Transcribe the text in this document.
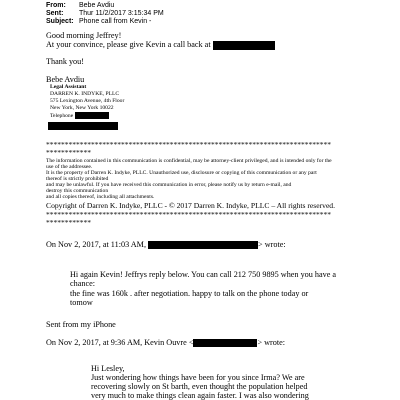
From: Bebe Avdiu
Sent: Thur 11/2/2017 3:15:34 PM
Subject: Phone call from Kevin -
Good morning Jeffrey!
At your convince, please give Kevin a call back at
Thank you!
Bebe Avdiu
Legal Assistant
DARREN K. INDYKE, PLLC
575 Lexington Avenue, 4th Floor
New York, New York 10022
Telephone
****************************************************************************
************
The information contained in this communication is confidential, may be attorney-client privileged, and is intended only for the
use of the addressee.
It is the property of Darren K. Indyke, PLLC. Unauthorized use, disclosure or copying of this communication or any part
thereof is strictly prohibited
and may be unlawful. If you have received this communication in error, please notify us by return e-mail, and
destroy this communication
and all copies thereof, including all attachments.
Copyright of Darren K. Indyke, PLLC - © 2017 Darren K. Indyke, PLLC – All rights reserved.
****************************************************************************
************
On Nov 2, 2017, at 11:03 AM,	> wrote:
Hi again Kevin! Jeffrys reply below. You can call 212 750 9895 when you have a
chance:
the fine was 160k . after negotiation. happy to talk on the phone today or
tomow
Sent from my iPhone
On Nov 2, 2017, at 9:36 AM, Kevin Ouvre <	> wrote:
Hi Lesley,
Just wondering how things have been for you since Irma? We are
recovering slowly on St barth, even thought the population helped
very much to make things clean again faster. I was also wondering
